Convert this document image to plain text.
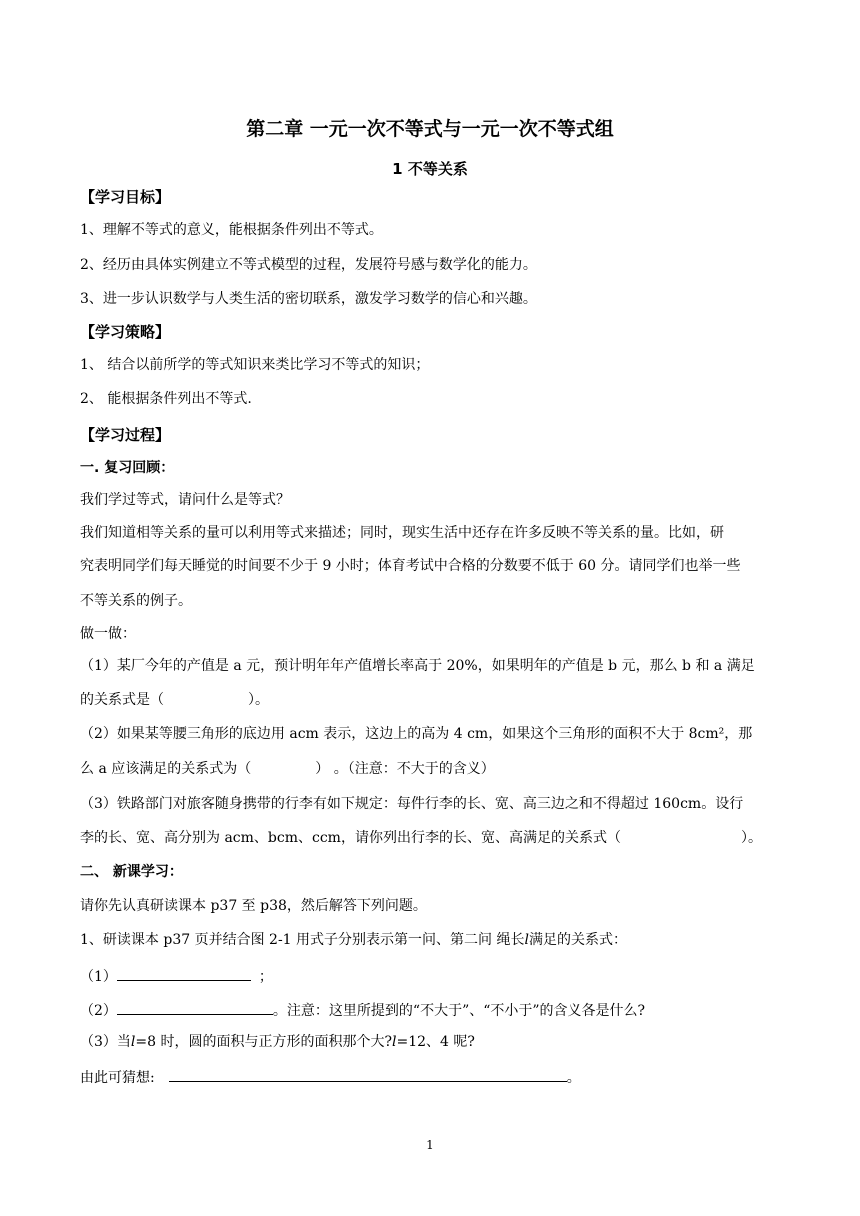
第二章 一元一次不等式与一元一次不等式组
1 不等关系
【学习目标】
1、理解不等式的意义，能根据条件列出不等式。
2、经历由具体实例建立不等式模型的过程，发展符号感与数学化的能力。
3、进一步认识数学与人类生活的密切联系，激发学习数学的信心和兴趣。
【学习策略】
1、 结合以前所学的等式知识来类比学习不等式的知识；
2、 能根据条件列出不等式.
【学习过程】
一. 复习回顾：
我们学过等式，请问什么是等式？
我们知道相等关系的量可以利用等式来描述；同时，现实生活中还存在许多反映不等关系的量。比如，研
究表明同学们每天睡觉的时间要不少于 9 小时；体育考试中合格的分数要不低于 60 分。请同学们也举一些
不等关系的例子。
做一做：
（1）某厂今年的产值是 a 元，预计明年年产值增长率高于 20%，如果明年的产值是 b 元，那么 b 和 a 满足
的关系式是（	）。
（2）如果某等腰三角形的底边用 acm 表示，这边上的高为 4 cm，如果这个三角形的面积不大于 8cm²，那
么 a 应该满足的关系式为（	） 。（注意：不大于的含义）
（3）铁路部门对旅客随身携带的行李有如下规定：每件行李的长、宽、高三边之和不得超过 160cm。设行
李的长、宽、高分别为 acm、bcm、ccm，请你列出行李的长、宽、高满足的关系式（	）。
二、 新课学习：
请你先认真研读课本 p37 至 p38，然后解答下列问题。
1、研读课本 p37 页并结合图 2-1 用式子分别表示第一问、第二问 绳长l满足的关系式：
（1）	；
（2）	。注意：这里所提到的“不大于”、“不小于”的含义各是什么?
（3）当l=8 时，圆的面积与正方形的面积那个大?l=12、4 呢?
由此可猜想:	。
1
